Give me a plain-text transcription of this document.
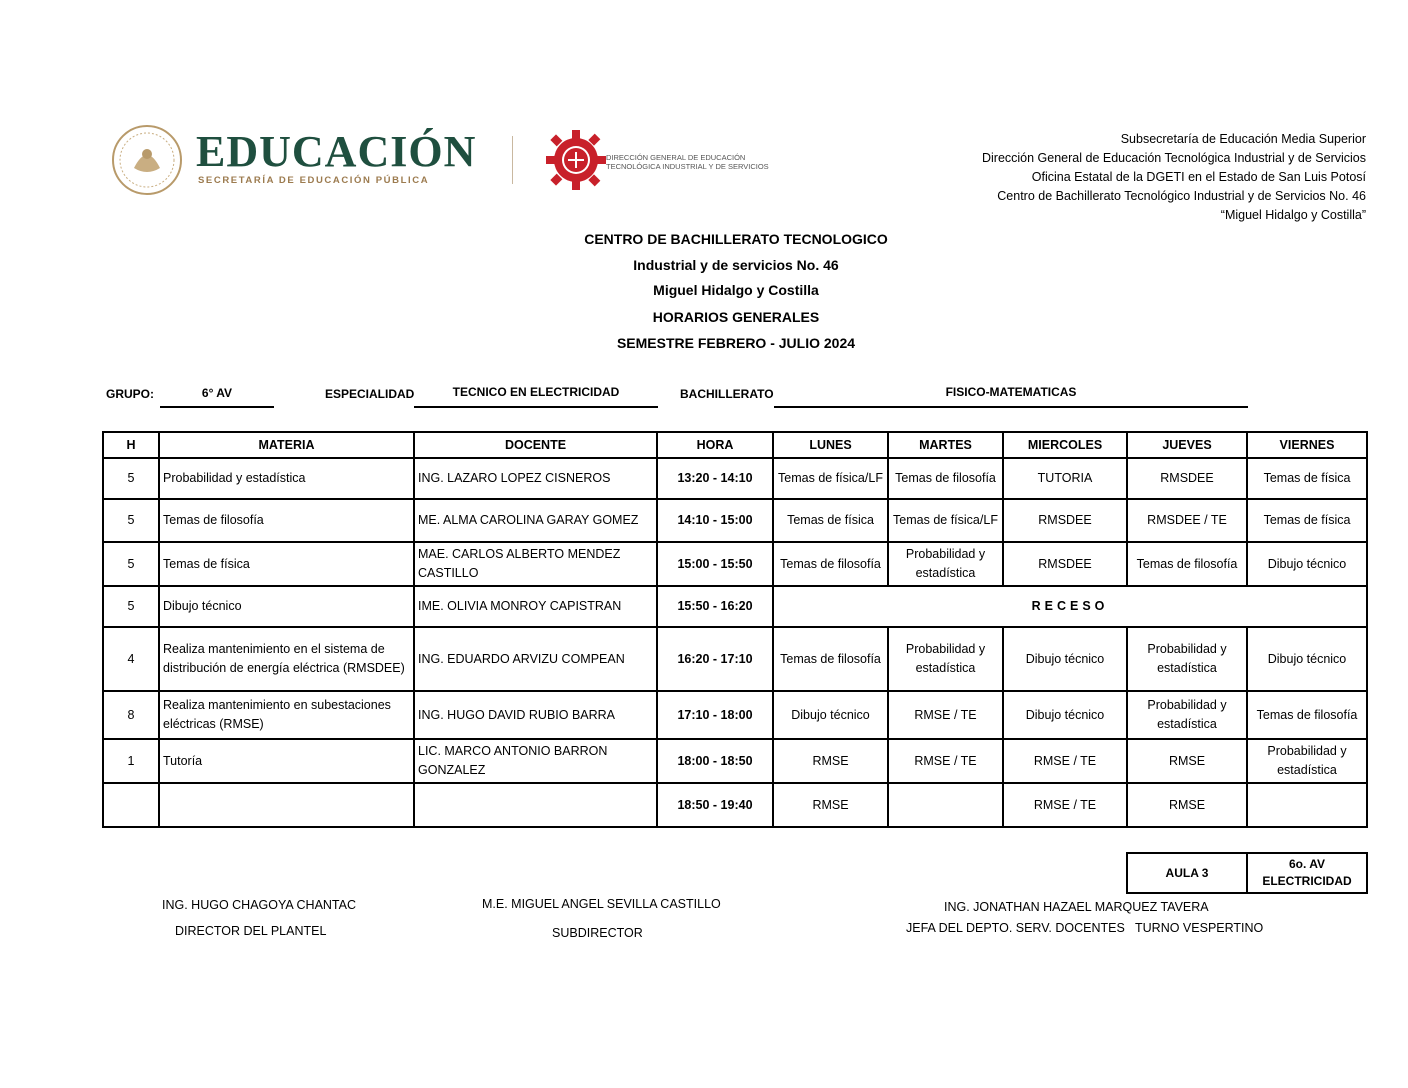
EDUCACIÓN
SECRETARÍA DE EDUCACIÓN PÚBLICA
DIRECCIÓN GENERAL DE EDUCACIÓN
TECNOLÓGICA INDUSTRIAL Y DE SERVICIOS
Subsecretaría de Educación Media Superior
Dirección General de Educación Tecnológica Industrial y de Servicios
Oficina Estatal de la DGETI en el Estado de San Luis Potosí
Centro de Bachillerato Tecnológico Industrial y de Servicios No. 46
“Miguel Hidalgo y Costilla”
CENTRO DE BACHILLERATO TECNOLOGICO
Industrial y de servicios No. 46
Miguel Hidalgo y Costilla
HORARIOS GENERALES
SEMESTRE FEBRERO - JULIO 2024
GRUPO:	6° AV	ESPECIALIDAD	TECNICO EN ELECTRICIDAD	BACHILLERATO	FISICO-MATEMATICAS
H	MATERIA	DOCENTE	HORA	LUNES	MARTES	MIERCOLES	JUEVES	VIERNES
5	Probabilidad y estadística	ING. LAZARO LOPEZ CISNEROS	13:20 - 14:10	Temas de física/LF	Temas de filosofía	TUTORIA	RMSDEE	Temas de física
5	Temas de filosofía	ME. ALMA CAROLINA GARAY GOMEZ	14:10 - 15:00	Temas de física	Temas de física/LF	RMSDEE	RMSDEE / TE	Temas de física
5	Temas de física	MAE. CARLOS ALBERTO MENDEZ CASTILLO	15:00 - 15:50	Temas de filosofía	Probabilidad y estadística	RMSDEE	Temas de filosofía	Dibujo técnico
5	Dibujo técnico	IME. OLIVIA MONROY CAPISTRAN	15:50 - 16:20	RECESO				
4	Realiza mantenimiento en el sistema de distribución de energía eléctrica (RMSDEE)	ING. EDUARDO ARVIZU COMPEAN	16:20 - 17:10	Temas de filosofía	Probabilidad y estadística	Dibujo técnico	Probabilidad y estadística	Dibujo técnico
8	Realiza mantenimiento en subestaciones eléctricas (RMSE)	ING. HUGO DAVID RUBIO BARRA	17:10 - 18:00	Dibujo técnico	RMSE / TE	Dibujo técnico	Probabilidad y estadística	Temas de filosofía
1	Tutoría	LIC. MARCO ANTONIO BARRON GONZALEZ	18:00 - 18:50	RMSE	RMSE / TE	RMSE / TE	RMSE	Probabilidad y estadística
			18:50 - 19:40	RMSE		RMSE / TE	RMSE	
AULA 3	
6o. AV
ELECTRICIDAD
ING. HUGO CHAGOYA CHANTAC
DIRECTOR DEL PLANTEL
M.E. MIGUEL ANGEL SEVILLA CASTILLO
SUBDIRECTOR
ING. JONATHAN HAZAEL MARQUEZ TAVERA
JEFA DEL DEPTO. SERV. DOCENTES   TURNO VESPERTINO
